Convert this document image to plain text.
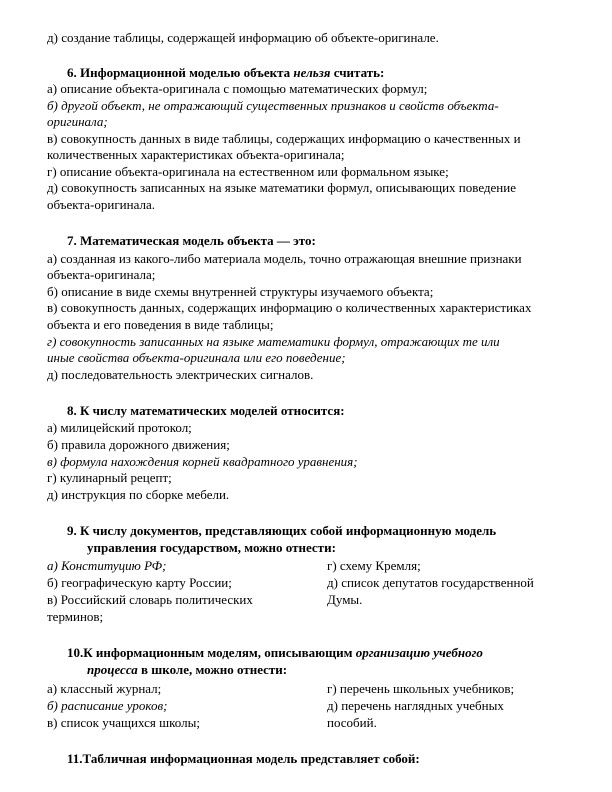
д) создание таблицы, содержащей информацию об объекте-оригинале.
6. Информационной моделью объекта нельзя считать:
а) описание объекта-оригинала с помощью математических формул;
б) другой объект, не отражающий существенных признаков и свойств объекта-
оригинала;
в) совокупность данных в виде таблицы, содержащих информацию о качественных и
количественных характеристиках объекта-оригинала;
г) описание объекта-оригинала на естественном или формальном языке;
д) совокупность записанных на языке математики формул, описывающих поведение
объекта-оригинала.
7. Математическая модель объекта — это:
а) созданная из какого-либо материала модель, точно отражающая внешние признаки
объекта-оригинала;
б) описание в виде схемы внутренней структуры изучаемого объекта;
в) совокупность данных, содержащих информацию о количественных характеристиках
объекта и его поведения в виде таблицы;
г) совокупность записанных на языке математики формул, отражающих те или
иные свойства объекта-оригинала или его поведение;
д) последовательность электрических сигналов.
8. К числу математических моделей относится:
а) милицейский протокол;
б) правила дорожного движения;
в) формула нахождения корней квадратного уравнения;
г) кулинарный рецепт;
д) инструкция по сборке мебели.
9. К числу документов, представляющих собой информационную модель
управления государством, можно отнести:
а) Конституцию РФ;
б) географическую карту России;
в) Российский словарь политических
терминов;
г) схему Кремля;
д) список депутатов государственной
Думы.
10.К информационным моделям, описывающим организацию учебного
процесса в школе, можно отнести:
а) классный журнал;
б) расписание уроков;
в) список учащихся школы;
г) перечень школьных учебников;
д) перечень наглядных учебных
пособий.
11.Табличная информационная модель представляет собой:
